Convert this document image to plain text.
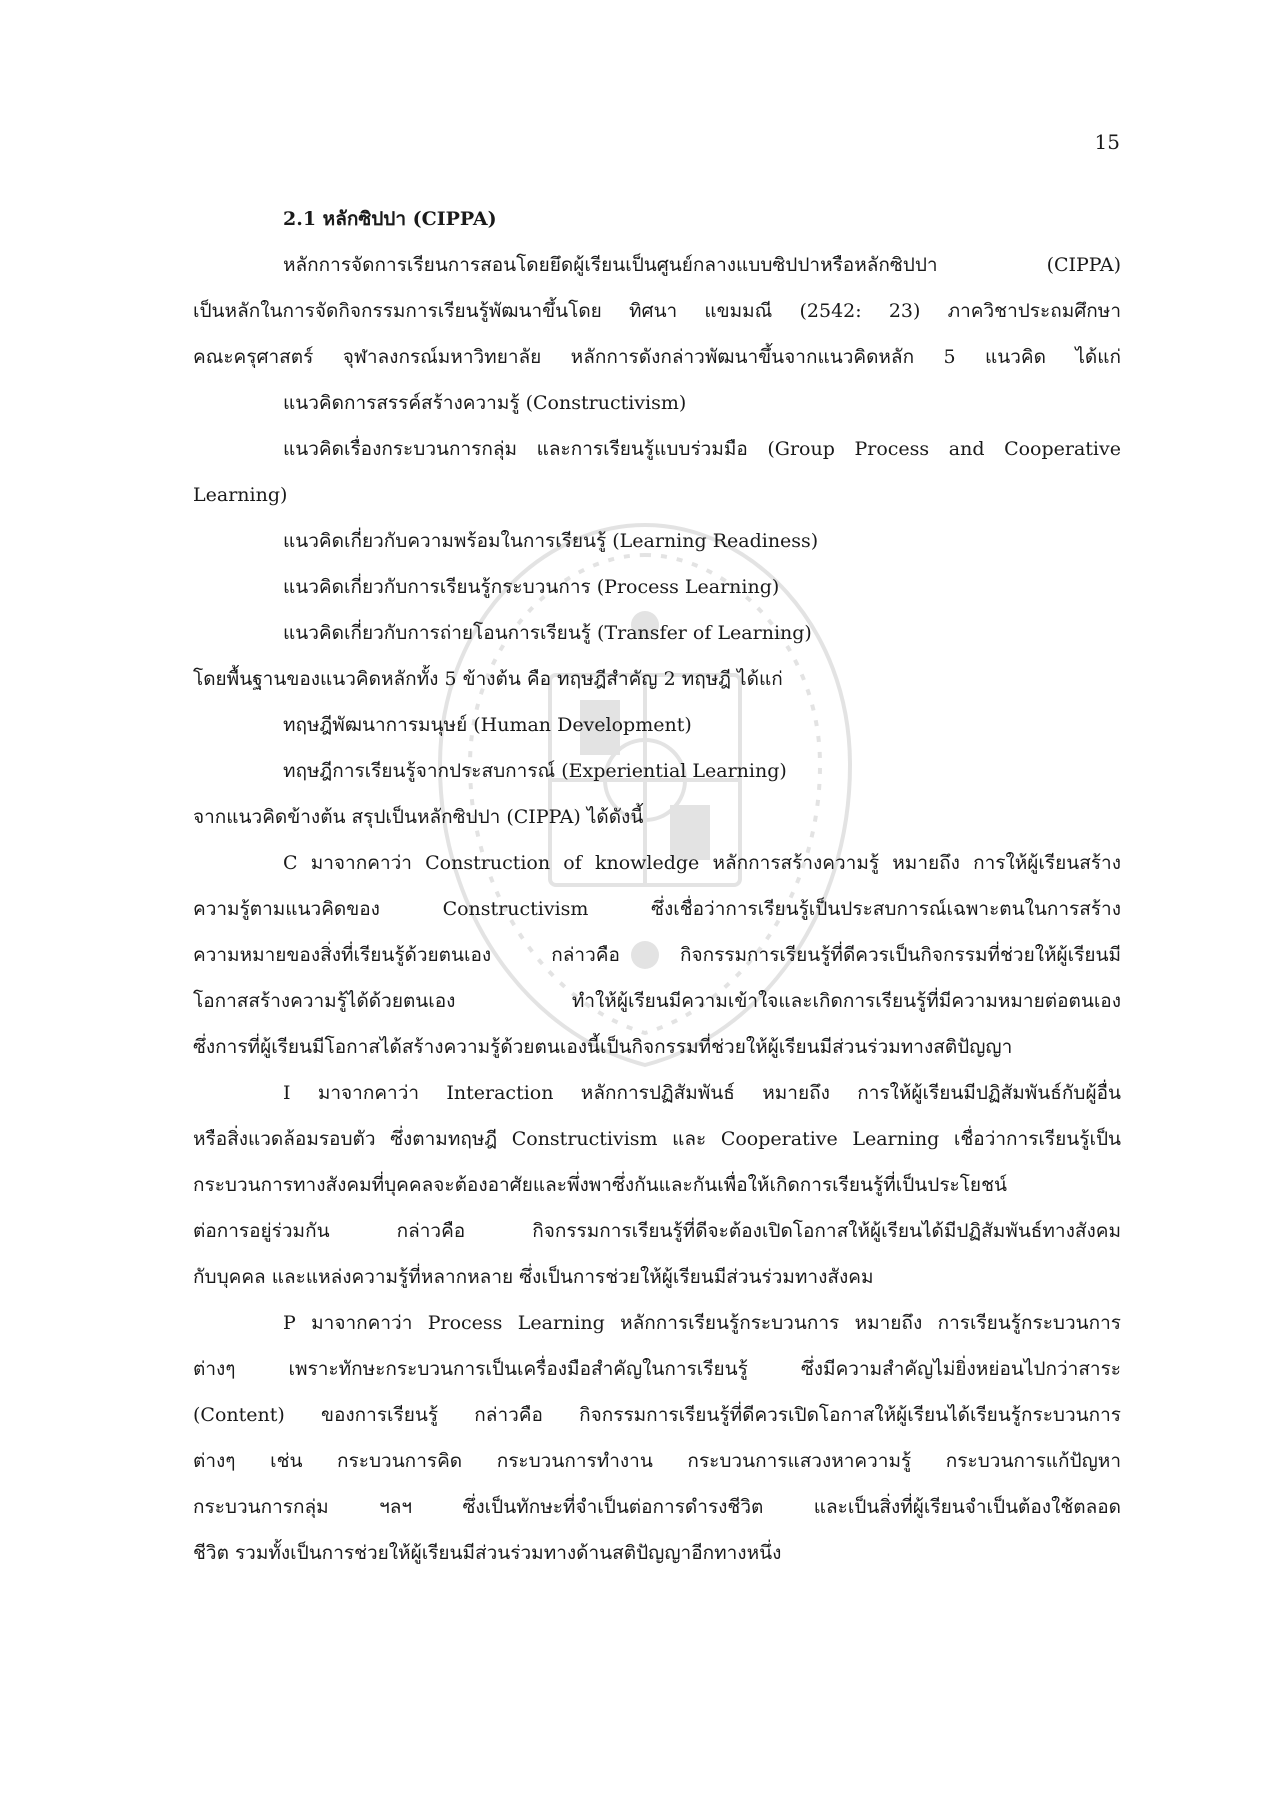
15
2.1 หลักซิปปา (CIPPA)
หลักการจัดการเรียนการสอนโดยยึดผู้เรียนเป็นศูนย์กลางแบบซิปปาหรือหลักซิปปา (CIPPA)
เป็นหลักในการจัดกิจกรรมการเรียนรู้พัฒนาขึ้นโดย ทิศนา แขมมณี (2542: 23) ภาควิชาประถมศึกษา
คณะครุศาสตร์ จุฬาลงกรณ์มหาวิทยาลัย หลักการดังกล่าวพัฒนาขึ้นจากแนวคิดหลัก 5 แนวคิด ได้แก่
แนวคิดการสรรค์สร้างความรู้ (Constructivism)
แนวคิดเรื่องกระบวนการกลุ่ม และการเรียนรู้แบบร่วมมือ (Group Process and Cooperative
Learning)
แนวคิดเกี่ยวกับความพร้อมในการเรียนรู้ (Learning Readiness)
แนวคิดเกี่ยวกับการเรียนรู้กระบวนการ (Process Learning)
แนวคิดเกี่ยวกับการถ่ายโอนการเรียนรู้ (Transfer of Learning)
โดยพื้นฐานของแนวคิดหลักทั้ง 5 ข้างต้น คือ ทฤษฎีสำคัญ 2 ทฤษฎี ได้แก่
ทฤษฎีพัฒนาการมนุษย์ (Human Development)
ทฤษฎีการเรียนรู้จากประสบการณ์ (Experiential Learning)
จากแนวคิดข้างต้น สรุปเป็นหลักซิปปา (CIPPA) ได้ดังนี้
C มาจากคาว่า Construction of knowledge หลักการสร้างความรู้ หมายถึง การให้ผู้เรียนสร้าง
ความรู้ตามแนวคิดของ Constructivism ซึ่งเชื่อว่าการเรียนรู้เป็นประสบการณ์เฉพาะตนในการสร้าง
ความหมายของสิ่งที่เรียนรู้ด้วยตนเอง กล่าวคือ กิจกรรมการเรียนรู้ที่ดีควรเป็นกิจกรรมที่ช่วยให้ผู้เรียนมี
โอกาสสร้างความรู้ได้ด้วยตนเอง ทำให้ผู้เรียนมีความเข้าใจและเกิดการเรียนรู้ที่มีความหมายต่อตนเอง
ซึ่งการที่ผู้เรียนมีโอกาสได้สร้างความรู้ด้วยตนเองนี้เป็นกิจกรรมที่ช่วยให้ผู้เรียนมีส่วนร่วมทางสติปัญญา
I มาจากคาว่า Interaction หลักการปฏิสัมพันธ์ หมายถึง การให้ผู้เรียนมีปฏิสัมพันธ์กับผู้อื่น
หรือสิ่งแวดล้อมรอบตัว ซึ่งตามทฤษฎี Constructivism และ Cooperative Learning เชื่อว่าการเรียนรู้เป็น
กระบวนการทางสังคมที่บุคคลจะต้องอาศัยและพึ่งพาซึ่งกันและกันเพื่อให้เกิดการเรียนรู้ที่เป็นประโยชน์
ต่อการอยู่ร่วมกัน กล่าวคือ กิจกรรมการเรียนรู้ที่ดีจะต้องเปิดโอกาสให้ผู้เรียนได้มีปฏิสัมพันธ์ทางสังคม
กับบุคคล และแหล่งความรู้ที่หลากหลาย ซึ่งเป็นการช่วยให้ผู้เรียนมีส่วนร่วมทางสังคม
P มาจากคาว่า Process Learning หลักการเรียนรู้กระบวนการ หมายถึง การเรียนรู้กระบวนการ
ต่างๆ เพราะทักษะกระบวนการเป็นเครื่องมือสำคัญในการเรียนรู้ ซึ่งมีความสำคัญไม่ยิ่งหย่อนไปกว่าสาระ
(Content) ของการเรียนรู้ กล่าวคือ กิจกรรมการเรียนรู้ที่ดีควรเปิดโอกาสให้ผู้เรียนได้เรียนรู้กระบวนการ
ต่างๆ เช่น กระบวนการคิด กระบวนการทำงาน กระบวนการแสวงหาความรู้ กระบวนการแก้ปัญหา
กระบวนการกลุ่ม ฯลฯ ซึ่งเป็นทักษะที่จำเป็นต่อการดำรงชีวิต และเป็นสิ่งที่ผู้เรียนจำเป็นต้องใช้ตลอด
ชีวิต รวมทั้งเป็นการช่วยให้ผู้เรียนมีส่วนร่วมทางด้านสติปัญญาอีกทางหนึ่ง
